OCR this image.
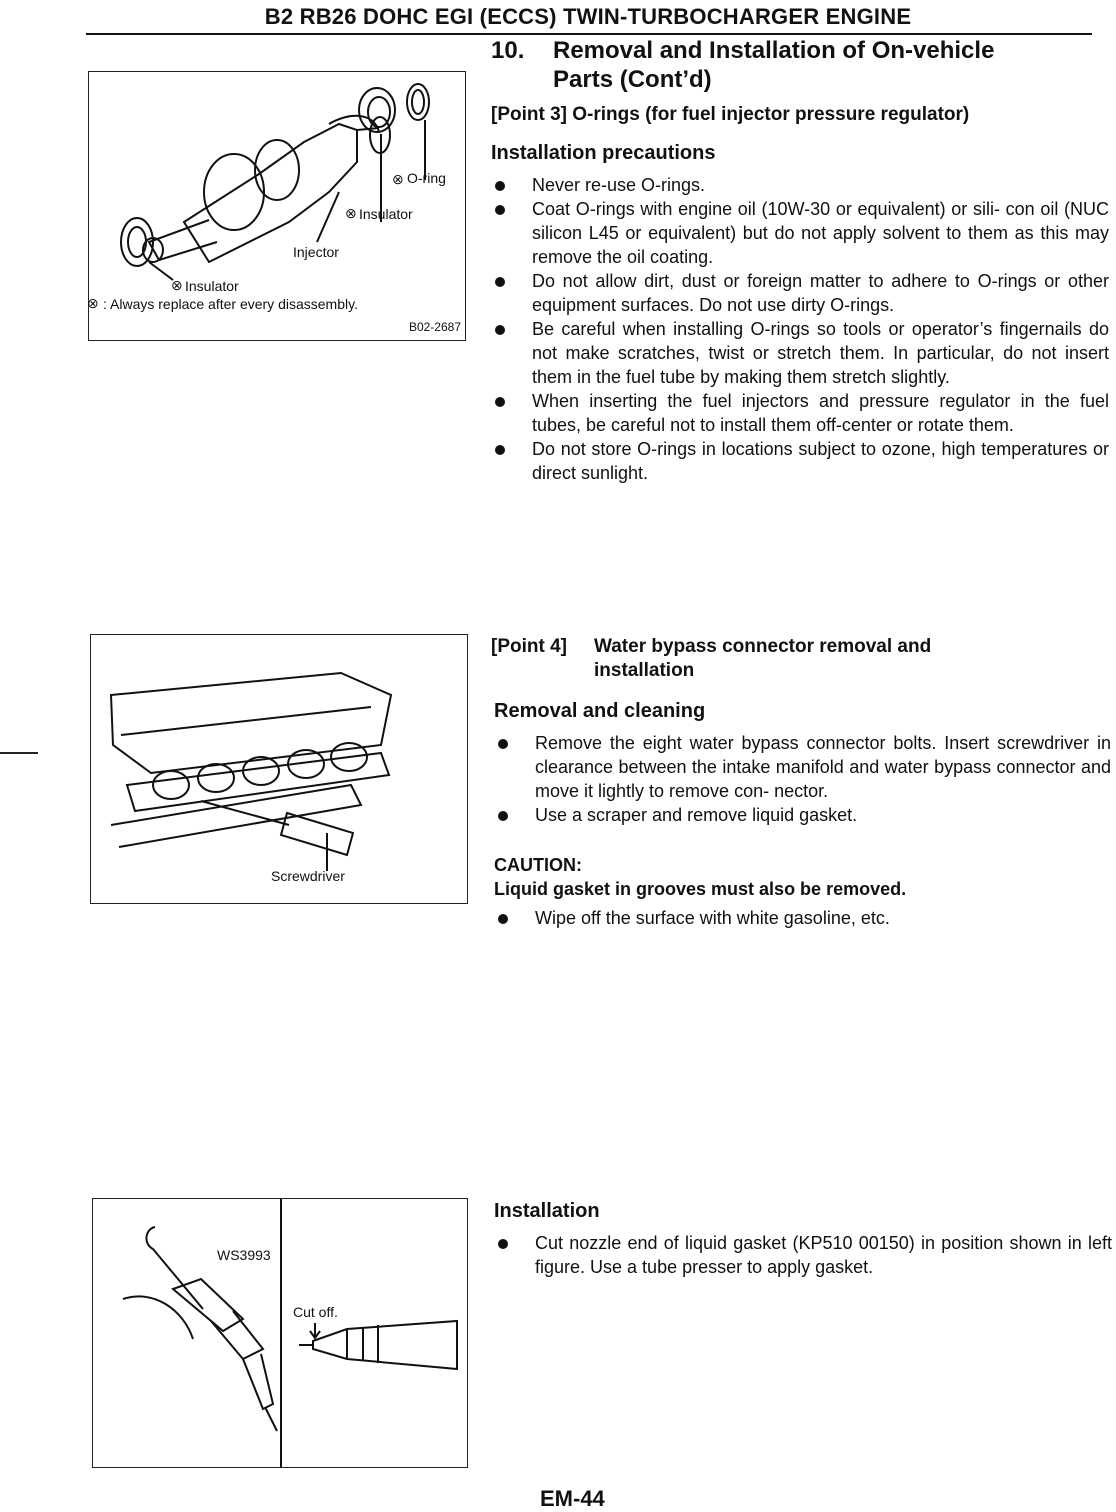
B2 RB26 DOHC EGI (ECCS) TWIN-TURBOCHARGER ENGINE
10. Removal and Installation of On-vehicle
Parts (Cont’d)
⊗
⊗
⊗
⊗
O-ring
Insulator
Injector
Insulator
: Always replace after every disassembly.
B02-2687
[Point 3] O-rings (for fuel injector pressure regulator)
Installation precautions
Never re-use O-rings.
Coat O-rings with engine oil (10W-30 or equivalent) or sili- con oil (NUC silicon L45 or equivalent) but do not apply solvent to them as this may remove the oil coating.
Do not allow dirt, dust or foreign matter to adhere to O-rings or other equipment surfaces. Do not use dirty O-rings.
Be careful when installing O-rings so tools or operator’s fingernails do not make scratches, twist or stretch them. In particular, do not insert them in the fuel tube by making them stretch slightly.
When inserting the fuel injectors and pressure regulator in the fuel tubes, be careful not to install them off-center or rotate them.
Do not store O-rings in locations subject to ozone, high temperatures or direct sunlight.
Screwdriver
[Point 4] Water bypass connector removal and
installation
Removal and cleaning
Remove the eight water bypass connector bolts. Insert screwdriver in clearance between the intake manifold and water bypass connector and move it lightly to remove con- nector.
Use a scraper and remove liquid gasket.
CAUTION:
Liquid gasket in grooves must also be removed.
Wipe off the surface with white gasoline, etc.
WS3993
Cut off.
Installation
Cut nozzle end of liquid gasket (KP510 00150) in position shown in left figure. Use a tube presser to apply gasket.
EM-44
